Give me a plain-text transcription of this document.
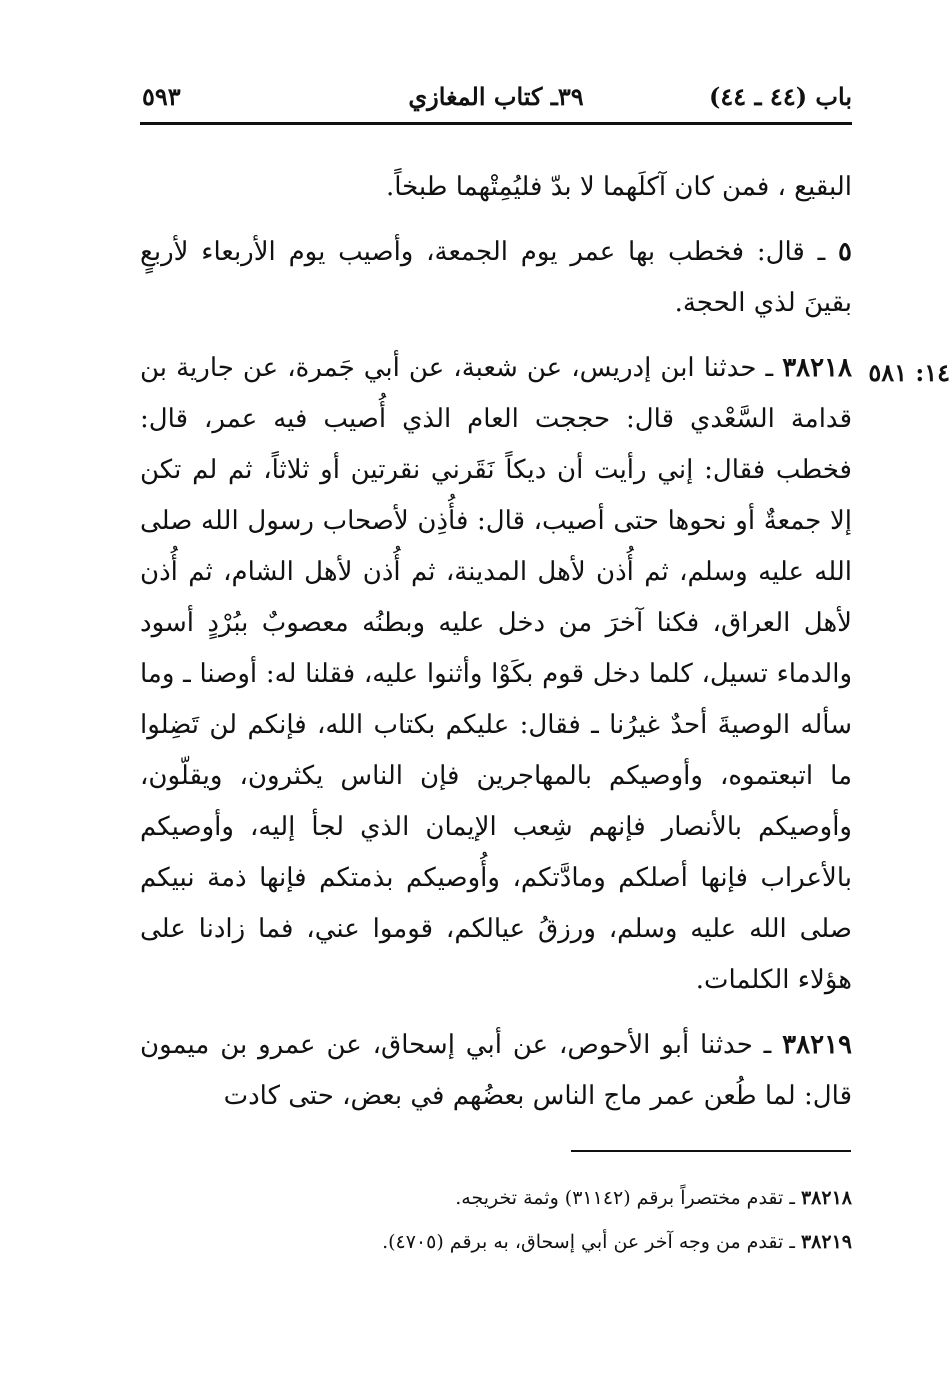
باب (٤٤ ـ ٤٤)
٣٩ـ كتاب المغازي
٥٩٣
١٤: ٥٨١

البقيع ، فمن كان آكلَهما لا بدّ فليُمِتْهما طبخاً.

٥ ـ قال: فخطب بها عمر يوم الجمعة، وأصيب يوم الأربعاء لأربعٍ بقينَ لذي الحجة.

٣٨٢١٨ ـ حدثنا ابن إدريس، عن شعبة، عن أبي جَمرة، عن جارية بن قدامة السَّعْدي قال: حججت العام الذي أُصيب فيه عمر، قال: فخطب فقال: إني رأيت أن ديكاً نَقَرني نقرتين أو ثلاثاً، ثم لم تكن إلا جمعةٌ أو نحوها حتى أصيب، قال: فأُذِن لأصحاب رسول الله صلى الله عليه وسلم، ثم أُذن لأهل المدينة، ثم أُذن لأهل الشام، ثم أُذن لأهل العراق، فكنا آخرَ من دخل عليه وبطنُه معصوبٌ ببُرْدٍ أسود والدماء تسيل، كلما دخل قوم بكَوْا وأثنوا عليه، فقلنا له: أوصنا ـ وما سأله الوصيةَ أحدٌ غيرُنا ـ فقال: عليكم بكتاب الله، فإنكم لن تَضِلوا ما اتبعتموه، وأوصيكم بالمهاجرين فإن الناس يكثرون، ويقلّون، وأوصيكم بالأنصار فإنهم شِعب الإيمان الذي لجأ إليه، وأوصيكم بالأعراب فإنها أصلكم ومادَّتكم، وأُوصيكم بذمتكم فإنها ذمة نبيكم صلى الله عليه وسلم، ورزقُ عيالكم، قوموا عني، فما زادنا على هؤلاء الكلمات.

٣٨٢١٩ ـ حدثنا أبو الأحوص، عن أبي إسحاق، عن عمرو بن ميمون قال: لما طُعن عمر ماج الناس بعضُهم في بعض، حتى كادت

٣٨٢١٨ ـ تقدم مختصراً برقم (٣١١٤٢) وثمة تخريجه.

٣٨٢١٩ ـ تقدم من وجه آخر عن أبي إسحاق، به برقم (٤٧٠٥).
